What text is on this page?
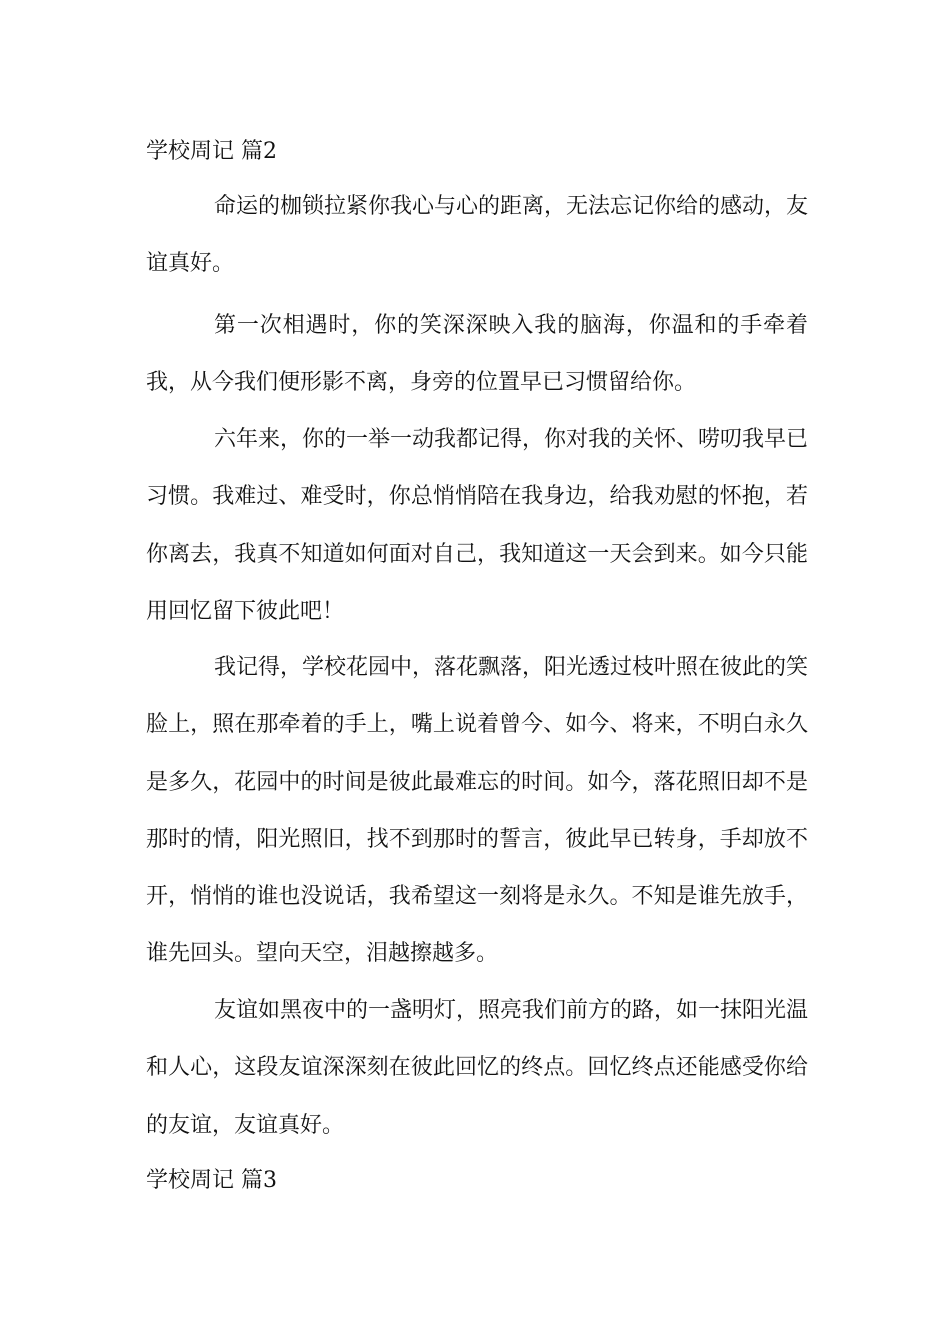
学校周记 篇2

命运的枷锁拉紧你我心与心的距离，无法忘记你给的感动，友谊真好。

第一次相遇时，你的笑深深映入我的脑海，你温和的手牵着我，从今我们便形影不离，身旁的位置早已习惯留给你。

六年来，你的一举一动我都记得，你对我的关怀、唠叨我早已习惯。我难过、难受时，你总悄悄陪在我身边，给我劝慰的怀抱，若你离去，我真不知道如何面对自己，我知道这一天会到来。如今只能用回忆留下彼此吧！

我记得，学校花园中，落花飘落，阳光透过枝叶照在彼此的笑脸上，照在那牵着的手上，嘴上说着曾今、如今、将来，不明白永久是多久，花园中的时间是彼此最难忘的时间。如今，落花照旧却不是那时的情，阳光照旧，找不到那时的誓言，彼此早已转身，手却放不开，悄悄的谁也没说话，我希望这一刻将是永久。不知是谁先放手，谁先回头。望向天空，泪越擦越多。

友谊如黑夜中的一盏明灯，照亮我们前方的路，如一抹阳光温和人心，这段友谊深深刻在彼此回忆的终点。回忆终点还能感受你给的友谊，友谊真好。

学校周记 篇3
